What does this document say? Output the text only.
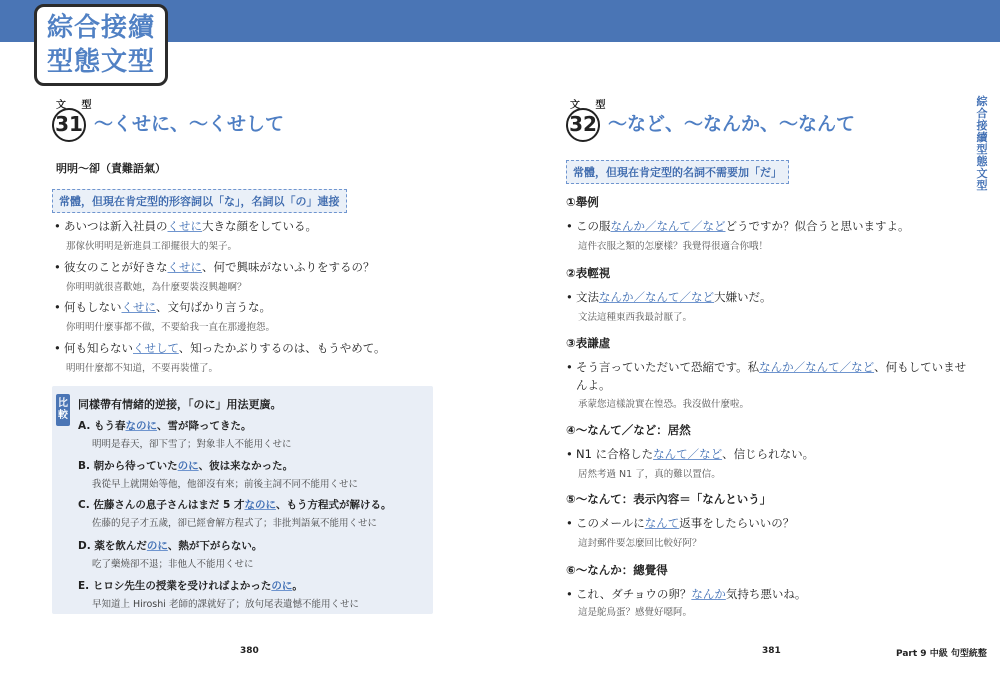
綜合接續
型態文型
綜合接續型態文型
文 型
31 ～くせに、～くせして
明明～卻（責難語氣）
常體，但現在肯定型的形容詞以「な」，名詞以「の」連接
• あいつは新入社員のくせに大きな顔をしている。
那傢伙明明是新進員工卻擺很大的架子。
• 彼女のことが好きなくせに、何で興味がないふりをするの？
你明明就很喜歡她，為什麼要裝沒興趣啊？
• 何もしないくせに、文句ばかり言うな。
你明明什麼事都不做，不要給我一直在那邊抱怨。
• 何も知らないくせして、知ったかぶりするのは、もうやめて。
明明什麼都不知道，不要再裝懂了。
比較
同樣帶有情緒的逆接，「のに」用法更廣。
A. もう春なのに、雪が降ってきた。
明明是春天，卻下雪了；對象非人不能用くせに
B. 朝から待っていたのに、彼は来なかった。
我從早上就開始等他，他卻沒有來；前後主詞不同不能用くせに
C. 佐藤さんの息子さんはまだ 5 才なのに、もう方程式が解ける。
佐藤的兒子才五歲，卻已經會解方程式了；非批判語氣不能用くせに
D. 薬を飲んだのに、熱が下がらない。
吃了藥燒卻不退；非他人不能用くせに
E. ヒロシ先生の授業を受ければよかったのに。
早知道上 Hiroshi 老師的課就好了；放句尾表遺憾不能用くせに
380
文 型
32 ～など、～なんか、～なんて
常體，但現在肯定型的名詞不需要加「だ」
①舉例
• この服なんか／なんて／などどうですか？似合うと思いますよ。
這件衣服之類的怎麼樣？我覺得很適合你哦！
②表輕視
• 文法なんか／なんて／など大嫌いだ。
文法這種東西我最討厭了。
③表謙虛
• そう言っていただいて恐縮です。私なんか／なんて／など、何もしていませ
んよ。
承蒙您這樣說實在惶恐。我沒做什麼啦。
④～なんて／など：居然
• N1 に合格したなんて／など、信じられない。
居然考過 N1 了，真的難以置信。
⑤～なんて：表示內容＝「なんという」
• このメールになんて返事をしたらいいの？
這封郵件要怎麼回比較好阿？
⑥～なんか：總覺得
• これ、ダチョウの卵？なんか気持ち悪いね。
這是鴕鳥蛋？感覺好噁阿。
381	Part 9 中級 句型統整
